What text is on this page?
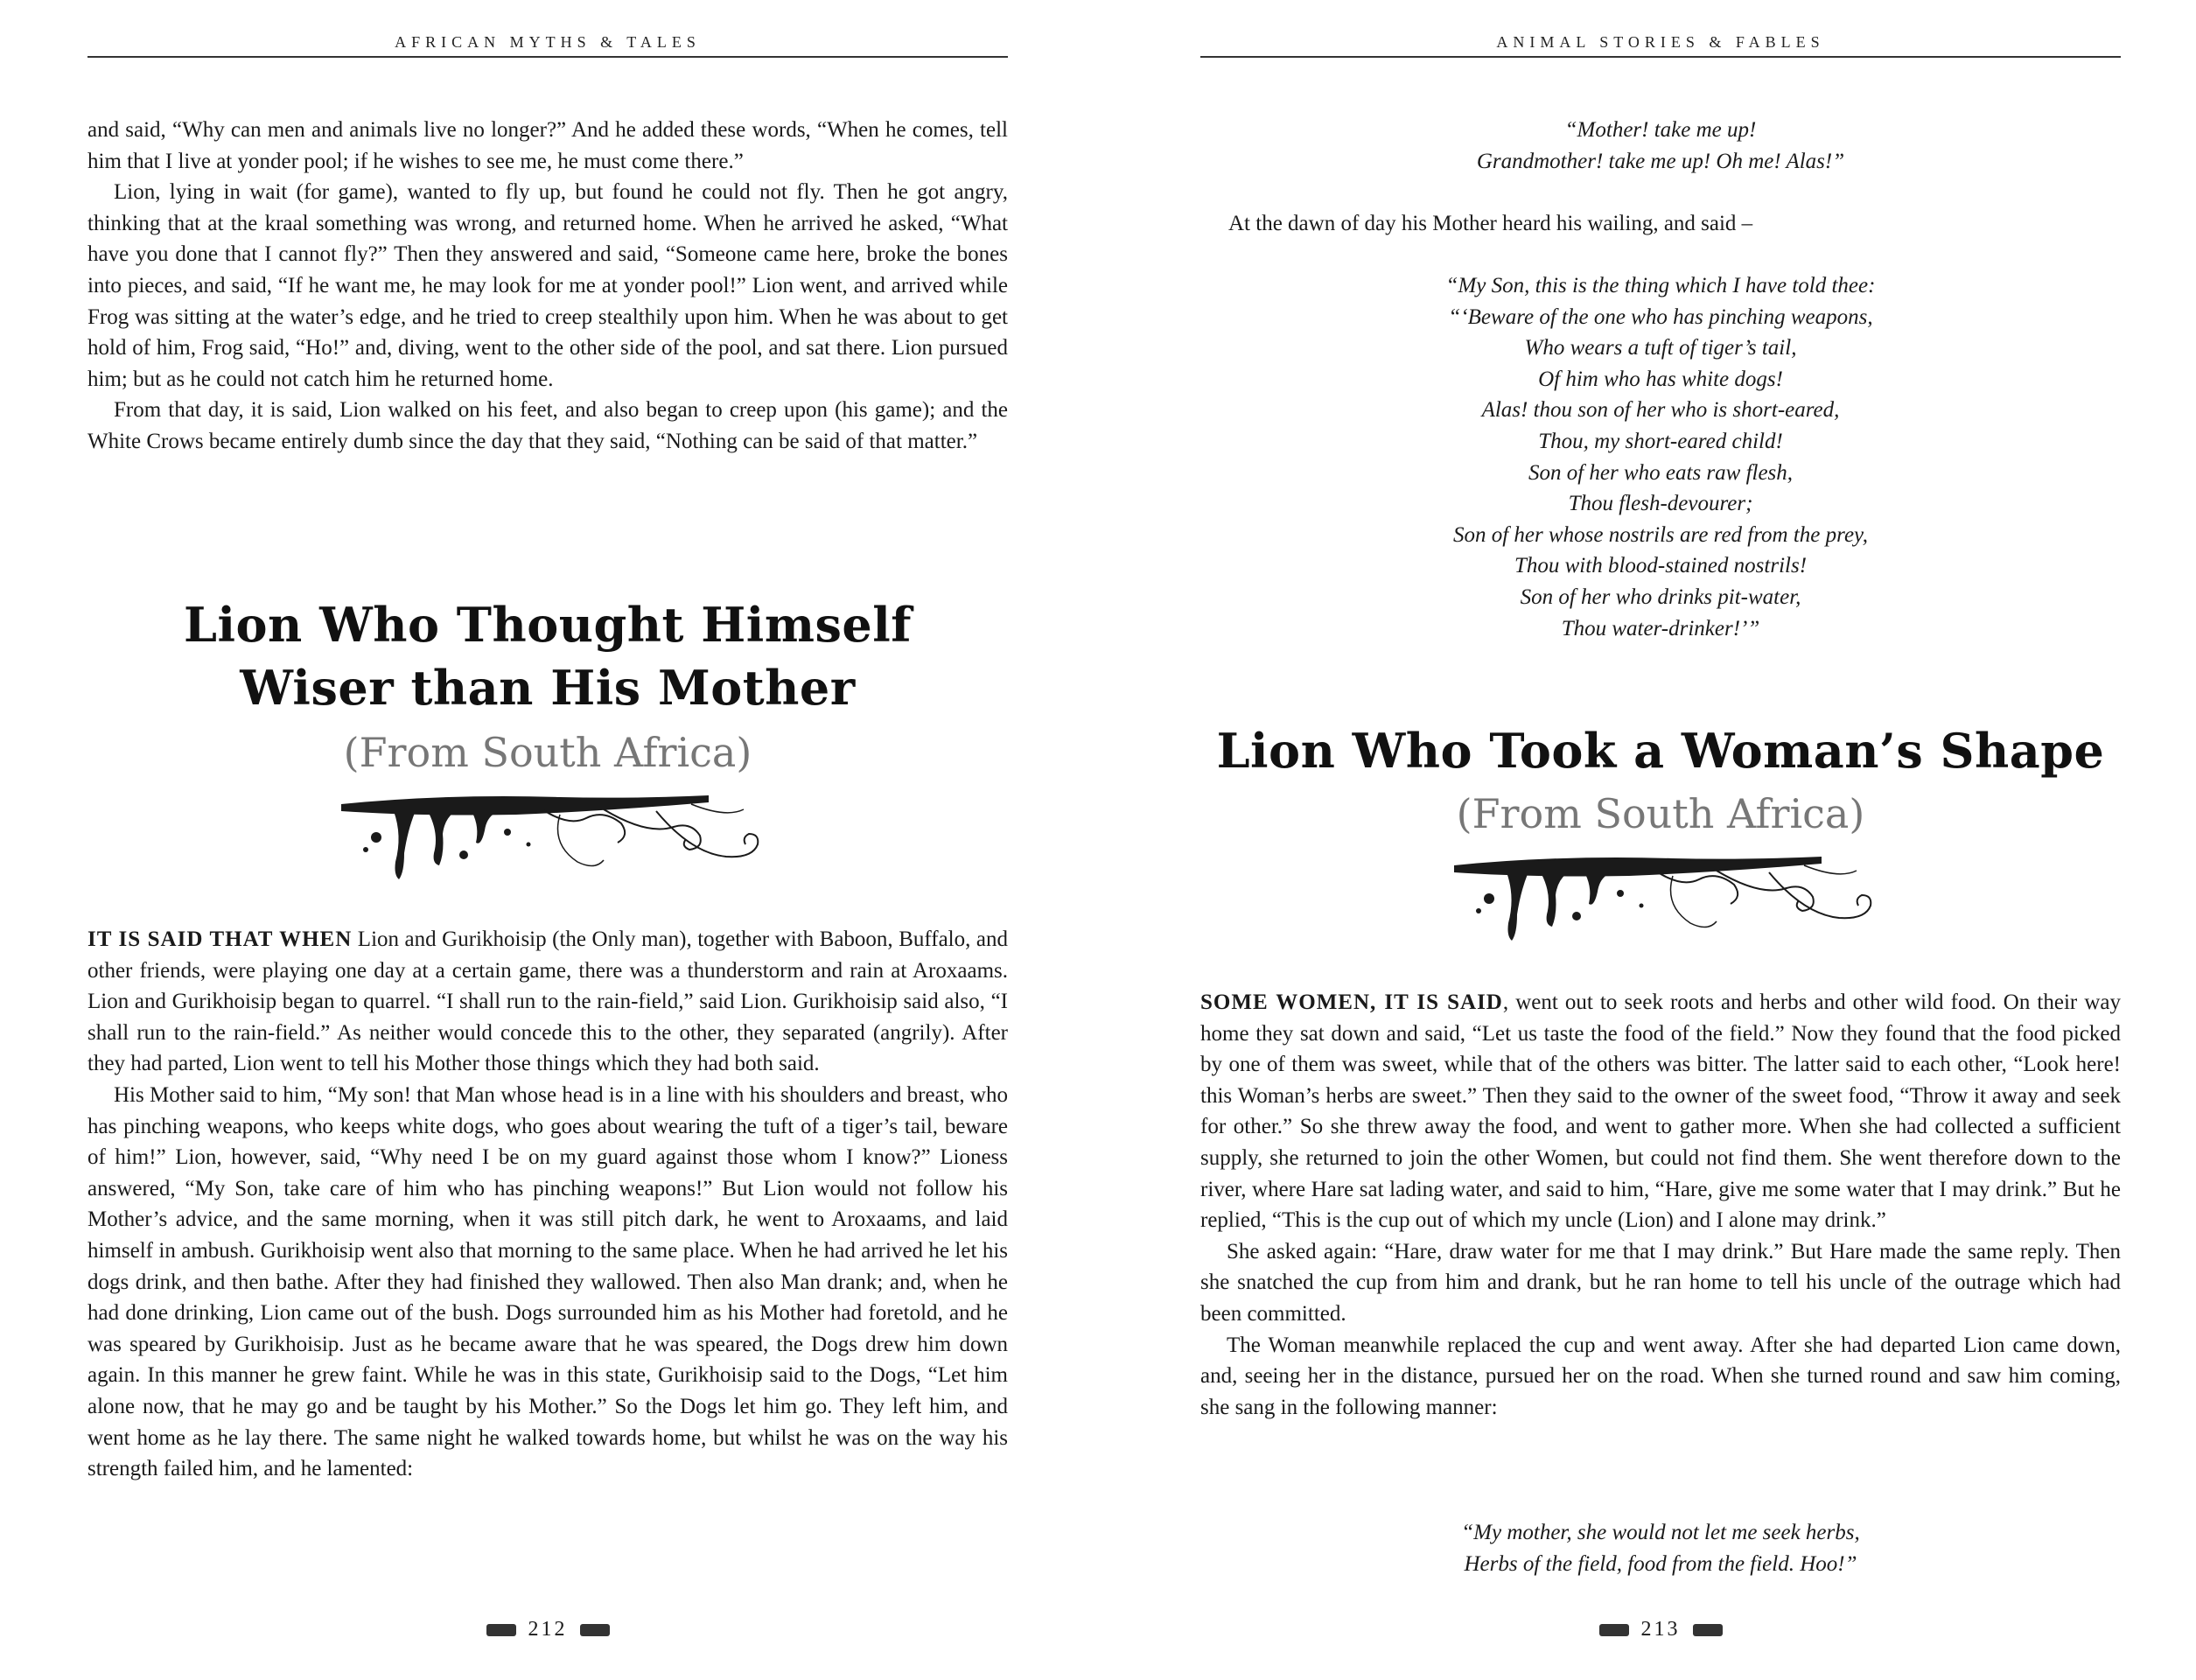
AFRICAN MYTHS & TALES

and said, “Why can men and animals live no longer?” And he added these words, “When he comes, tell him that I live at yonder pool; if he wishes to see me, he must come there.”

Lion, lying in wait (for game), wanted to fly up, but found he could not fly. Then he got angry, thinking that at the kraal something was wrong, and returned home. When he arrived he asked, “What have you done that I cannot fly?” Then they answered and said, “Someone came here, broke the bones into pieces, and said, “If he want me, he may look for me at yonder pool!” Lion went, and arrived while Frog was sitting at the water’s edge, and he tried to creep stealthily upon him. When he was about to get hold of him, Frog said, “Ho!” and, diving, went to the other side of the pool, and sat there. Lion pursued him; but as he could not catch him he returned home.

From that day, it is said, Lion walked on his feet, and also began to creep upon (his game); and the White Crows became entirely dumb since the day that they said, “Nothing can be said of that matter.”

Lion Who Thought Himself
Wiser than His Mother
(From South Africa)

IT IS SAID THAT WHEN Lion and Gurikhoisip (the Only man), together with Baboon, Buffalo, and other friends, were playing one day at a certain game, there was a thunderstorm and rain at Aroxaams. Lion and Gurikhoisip began to quarrel. “I shall run to the rain-field,” said Lion. Gurikhoisip said also, “I shall run to the rain-field.” As neither would concede this to the other, they separated (angrily). After they had parted, Lion went to tell his Mother those things which they had both said.

His Mother said to him, “My son! that Man whose head is in a line with his shoulders and breast, who has pinching weapons, who keeps white dogs, who goes about wearing the tuft of a tiger’s tail, beware of him!” Lion, however, said, “Why need I be on my guard against those whom I know?” Lioness answered, “My Son, take care of him who has pinching weapons!” But Lion would not follow his Mother’s advice, and the same morning, when it was still pitch dark, he went to Aroxaams, and laid himself in ambush. Gurikhoisip went also that morning to the same place. When he had arrived he let his dogs drink, and then bathe. After they had finished they wallowed. Then also Man drank; and, when he had done drinking, Lion came out of the bush. Dogs surrounded him as his Mother had foretold, and he was speared by Gurikhoisip. Just as he became aware that he was speared, the Dogs drew him down again. In this manner he grew faint. While he was in this state, Gurikhoisip said to the Dogs, “Let him alone now, that he may go and be taught by his Mother.” So the Dogs let him go. They left him, and went home as he lay there. The same night he walked towards home, but whilst he was on the way his strength failed him, and he lamented:

212
ANIMAL STORIES & FABLES
“Mother! take me up!
Grandmother! take me up! Oh me! Alas!”

At the dawn of day his Mother heard his wailing, and said –

“My Son, this is the thing which I have told thee:
“‘Beware of the one who has pinching weapons,
Who wears a tuft of tiger’s tail,
Of him who has white dogs!
Alas! thou son of her who is short-eared,
Thou, my short-eared child!
Son of her who eats raw flesh,
Thou flesh-devourer;
Son of her whose nostrils are red from the prey,
Thou with blood-stained nostrils!
Son of her who drinks pit-water,
Thou water-drinker!’”
Lion Who Took a Woman’s Shape
(From South Africa)

SOME WOMEN, IT IS SAID, went out to seek roots and herbs and other wild food. On their way home they sat down and said, “Let us taste the food of the field.” Now they found that the food picked by one of them was sweet, while that of the others was bitter. The latter said to each other, “Look here! this Woman’s herbs are sweet.” Then they said to the owner of the sweet food, “Throw it away and seek for other.” So she threw away the food, and went to gather more. When she had collected a sufficient supply, she returned to join the other Women, but could not find them. She went therefore down to the river, where Hare sat lading water, and said to him, “Hare, give me some water that I may drink.” But he replied, “This is the cup out of which my uncle (Lion) and I alone may drink.”

She asked again: “Hare, draw water for me that I may drink.” But Hare made the same reply. Then she snatched the cup from him and drank, but he ran home to tell his uncle of the outrage which had been committed.

The Woman meanwhile replaced the cup and went away. After she had departed Lion came down, and, seeing her in the distance, pursued her on the road. When she turned round and saw him coming, she sang in the following manner:

“My mother, she would not let me seek herbs,
Herbs of the field, food from the field. Hoo!”
213
